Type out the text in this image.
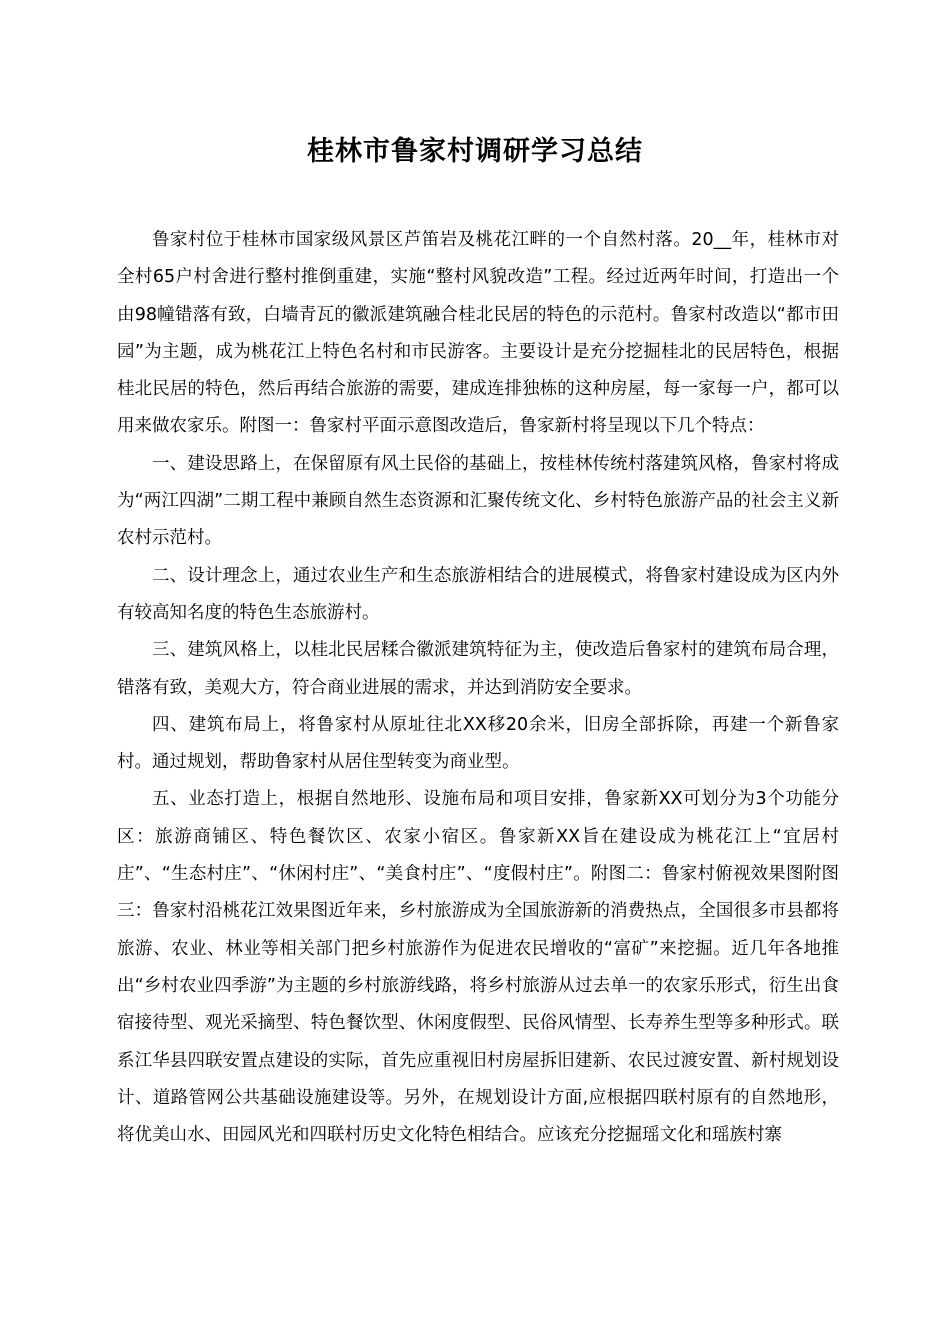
桂林市鲁家村调研学习总结

鲁家村位于桂林市国家级风景区芦笛岩及桃花江畔的一个自然村落。20__年，桂林市对全村65户村舍进行整村推倒重建，实施“整村风貌改造”工程。经过近两年时间，打造出一个由98幢错落有致，白墙青瓦的徽派建筑融合桂北民居的特色的示范村。鲁家村改造以“都市田园”为主题，成为桃花江上特色名村和市民游客。主要设计是充分挖掘桂北的民居特色，根据桂北民居的特色，然后再结合旅游的需要，建成连排独栋的这种房屋，每一家每一户，都可以用来做农家乐。附图一：鲁家村平面示意图改造后，鲁家新村将呈现以下几个特点：

一、建设思路上，在保留原有风土民俗的基础上，按桂林传统村落建筑风格，鲁家村将成为“两江四湖”二期工程中兼顾自然生态资源和汇聚传统文化、乡村特色旅游产品的社会主义新农村示范村。

二、设计理念上，通过农业生产和生态旅游相结合的进展模式，将鲁家村建设成为区内外有较高知名度的特色生态旅游村。

三、建筑风格上，以桂北民居糅合徽派建筑特征为主，使改造后鲁家村的建筑布局合理，错落有致，美观大方，符合商业进展的需求，并达到消防安全要求。

四、建筑布局上，将鲁家村从原址往北XX移20余米，旧房全部拆除，再建一个新鲁家村。通过规划，帮助鲁家村从居住型转变为商业型。

五、业态打造上，根据自然地形、设施布局和项目安排，鲁家新XX可划分为3个功能分区：旅游商铺区、特色餐饮区、农家小宿区。鲁家新XX旨在建设成为桃花江上“宜居村庄”、“生态村庄”、“休闲村庄”、“美食村庄”、“度假村庄”。附图二：鲁家村俯视效果图附图三：鲁家村沿桃花江效果图近年来，乡村旅游成为全国旅游新的消费热点，全国很多市县都将旅游、农业、林业等相关部门把乡村旅游作为促进农民增收的“富矿”来挖掘。近几年各地推出“乡村农业四季游”为主题的乡村旅游线路，将乡村旅游从过去单一的农家乐形式，衍生出食宿接待型、观光采摘型、特色餐饮型、休闲度假型、民俗风情型、长寿养生型等多种形式。联系江华县四联安置点建设的实际，首先应重视旧村房屋拆旧建新、农民过渡安置、新村规划设计、道路管网公共基础设施建设等。另外，在规划设计方面,应根据四联村原有的自然地形，将优美山水、田园风光和四联村历史文化特色相结合。应该充分挖掘瑶文化和瑶族村寨
